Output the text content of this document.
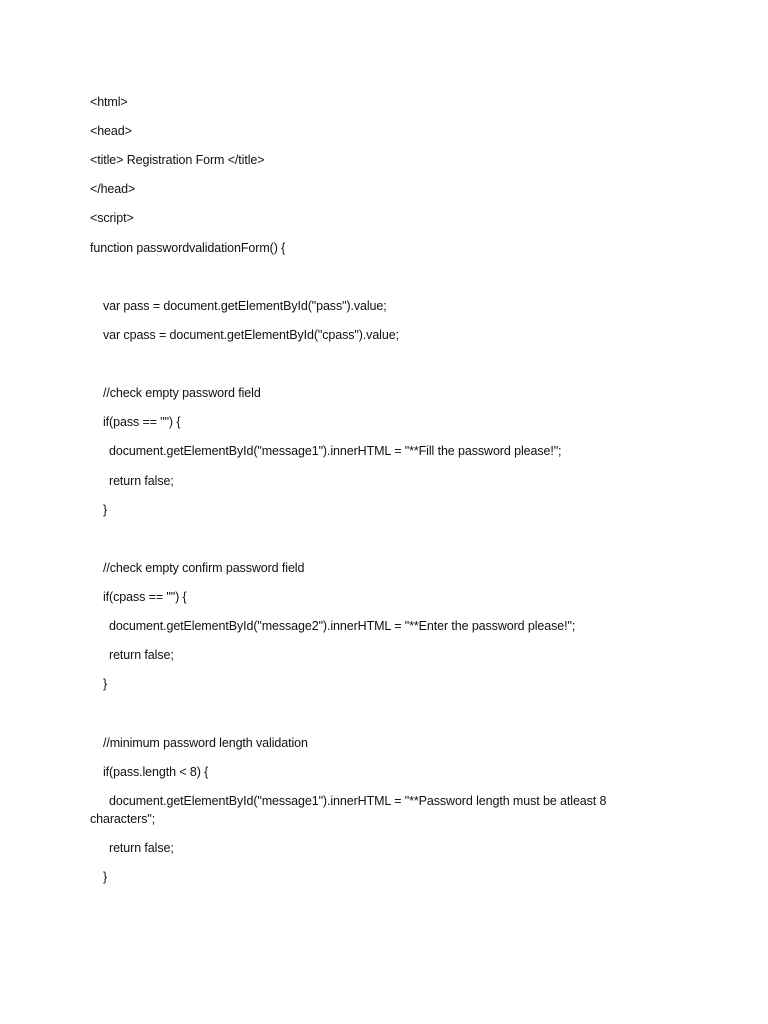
<html>
<head>
<title> Registration Form </title>
</head>
<script>
function passwordvalidationForm() {
var pass = document.getElementById("pass").value;
var cpass = document.getElementById("cpass").value;
//check empty password field
if(pass == "") {
document.getElementById("message1").innerHTML = "**Fill the password please!";
return false;
}
//check empty confirm password field
if(cpass == "") {
document.getElementById("message2").innerHTML = "**Enter the password please!";
return false;
}
//minimum password length validation
if(pass.length < 8) {
document.getElementById("message1").innerHTML = "**Password length must be atleast 8 characters";
return false;
}
